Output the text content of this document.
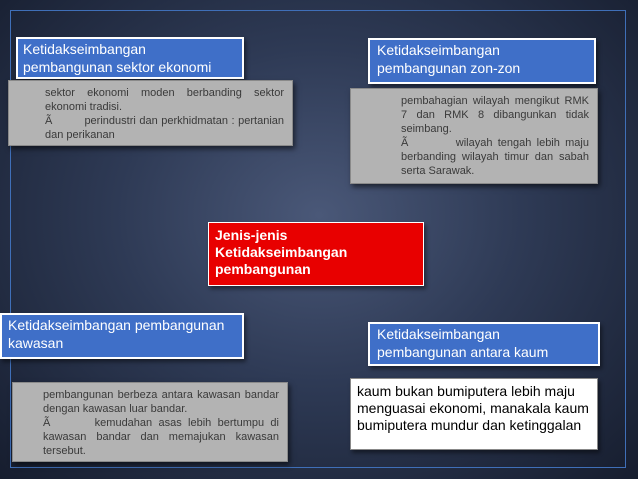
Ketidakseimbangan pembangunan sektor ekonomi

sektor ekonomi moden berbanding sektor ekonomi tradisi.

Ã         perindustri dan perkhidmatan : pertanian dan perikanan

Ketidakseimbangan pembangunan zon-zon

pembahagian wilayah mengikut RMK 7 dan RMK 8 dibangunkan tidak seimbang.

Ã         wilayah tengah lebih maju berbanding wilayah timur dan sabah serta Sarawak.

Jenis-jenis Ketidakseimbangan pembangunan
Ketidakseimbangan pembangunan kawasan

pembangunan berbeza antara kawasan bandar dengan kawasan luar bandar.

Ã       kemudahan asas lebih bertumpu di kawasan bandar dan memajukan kawasan tersebut.

Ketidakseimbangan pembangunan antara kaum
kaum bukan bumiputera lebih maju menguasai ekonomi, manakala kaum bumiputera mundur dan ketinggalan
